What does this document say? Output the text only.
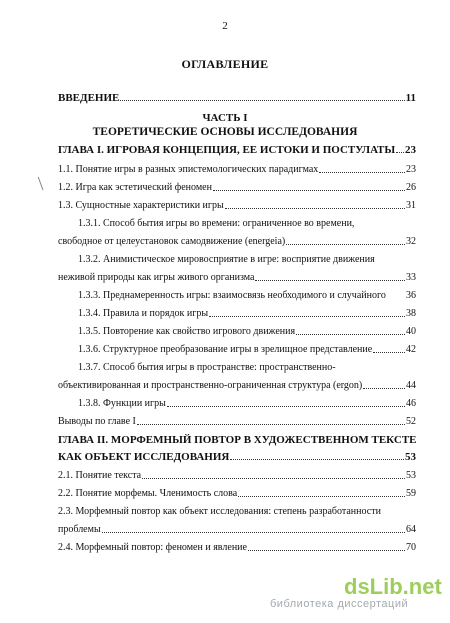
2
ОГЛАВЛЕНИЕ
ВВЕДЕНИЕ	11
ЧАСТЬ I
ТЕОРЕТИЧЕСКИЕ ОСНОВЫ ИССЛЕДОВАНИЯ
ГЛАВА I. ИГРОВАЯ КОНЦЕПЦИЯ, ЕЕ ИСТОКИ И ПОСТУЛАТЫ 23
1.1. Понятие игры в разных эпистемологических парадигмах	23
1.2. Игра как эстетический феномен	26
1.3. Сущностные характеристики игры	31
1.3.1. Способ бытия игры во времени: ограниченное во времени,
свободное от целеустановок самодвижение (energeia)	32
1.3.2. Анимистическое мировосприятие в игре: восприятие движения
неживой природы как игры живого организма	33
1.3.3. Преднамеренность игры: взаимосвязь необходимого и случайного 36
1.3.4. Правила и порядок игры	38
1.3.5. Повторение как свойство игрового движения	40
1.3.6. Структурное преобразование игры в зрелищное представление	42
1.3.7. Способ бытия игры в пространстве: пространственно-
объективированная и пространственно-ограниченная структура (ergon)	44
1.3.8. Функции игры	46
Выводы по главе I	52
ГЛАВА II. МОРФЕМНЫЙ ПОВТОР В ХУДОЖЕСТВЕННОМ ТЕКСТЕ
КАК ОБЪЕКТ ИССЛЕДОВАНИЯ	53
2.1. Понятие текста	53
2.2. Понятие морфемы. Членимость слова	59
2.3. Морфемный повтор как объект исследования: степень разработанности
проблемы	64
2.4. Морфемный повтор: феномен и явление	70
dsLib.net
библиотека диссертаций
